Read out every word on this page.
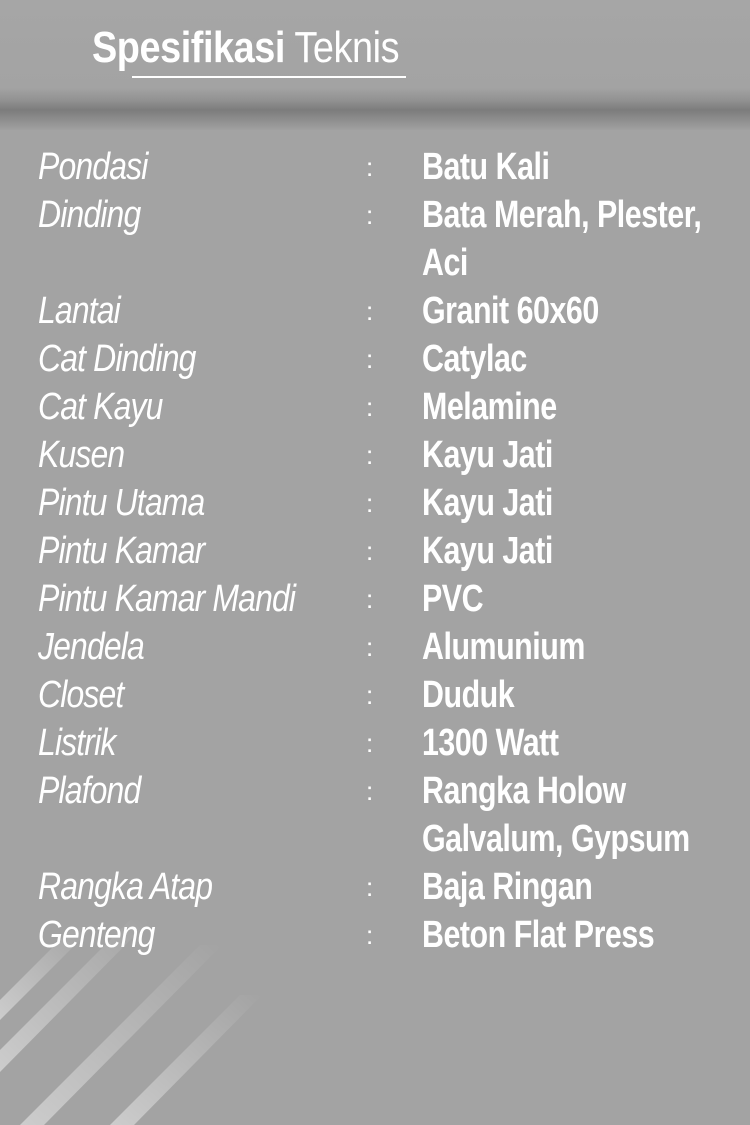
Spesifikasi Teknis
Pondasi	: Batu Kali
Dinding	: Bata Merah, Plester,
Aci
Lantai	: Granit 60x60
Cat Dinding	: Catylac
Cat Kayu	: Melamine
Kusen	: Kayu Jati
Pintu Utama	: Kayu Jati
Pintu Kamar	: Kayu Jati
Pintu Kamar Mandi	: PVC
Jendela	: Alumunium
Closet	: Duduk
Listrik	: 1300 Watt
Plafond	: Rangka Holow
Galvalum, Gypsum
Rangka Atap	: Baja Ringan
Genteng	: Beton Flat Press
